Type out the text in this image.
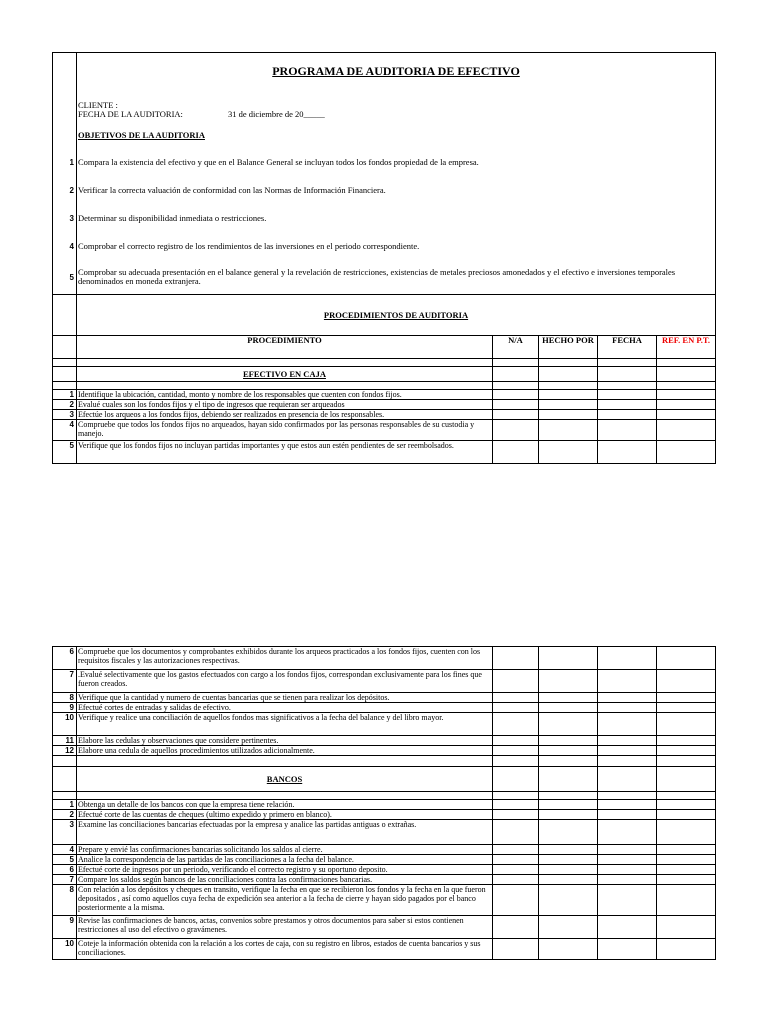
	PROGRAMA DE AUDITORIA DE EFECTIVO				

	CLIENTE :
FECHA DE LA AUDITORIA: 31 de diciembre de 20_____
OBJETIVOS DE LA AUDITORIA				

1	Compara la existencia del efectivo y que en el Balance General se incluyan todos los fondos propiedad de la empresa.				
2	Verificar la correcta valuación de conformidad con las Normas de Información Financiera.				
3	Determinar su disponibilidad inmediata o restricciones.				
4	Comprobar el correcto registro de los rendimientos de las inversiones en el periodo correspondiente.				
5	Comprobar su adecuada presentación en el balance general y la revelación de restricciones, existencias de metales preciosos amonedados y el efectivo e inversiones temporales denominados en moneda extranjera.				
	PROCEDIMIENTOS DE AUDITORIA				
	PROCEDIMIENTO	N/A	HECHO POR	FECHA	REF. EN P.T.

	EFECTIVO EN CAJA				

1	Identifique la ubicación, cantidad, monto y nombre de los responsables que cuenten con fondos fijos.				
2	Evalué cuales son los fondos fijos y el tipo de ingresos que requieran ser arqueados				
3	Efectúe los arqueos a los fondos fijos, debiendo ser realizados en presencia de los responsables.				
4	Compruebe que todos los fondos fijos no arqueados, hayan sido confirmados por las personas responsables de su custodia y manejo.				
5	Verifique que los fondos fijos no incluyan partidas importantes y que estos aun estén pendientes de ser reembolsados.				
6	Compruebe que los documentos y comprobantes exhibidos durante los arqueos practicados a los fondos fijos, cuenten con los requisitos fiscales y las autorizaciones respectivas.				
7	.Evalué selectivamente que los gastos efectuados con cargo a los fondos fijos, correspondan exclusivamente para los fines que fueron creados.				
8	Verifique que la cantidad y numero de cuentas bancarias que se tienen para realizar los depósitos.				
9	Efectué cortes de entradas y salidas de efectivo.				
10	Verifique y realice una conciliación de aquellos fondos mas significativos a la fecha del balance y del libro mayor.				
11	Elabore las cedulas y observaciones que considere pertinentes.				
12	Elabore una cedula de aquellos procedimientos utilizados adicionalmente.				

	BANCOS				

1	Obtenga un detalle de los bancos con que la empresa tiene relación.				
2	Efectué corte de las cuentas de cheques (ultimo expedido y primero en blanco).				
3	Examine las conciliaciones bancarias efectuadas por la empresa y analice las partidas antiguas o extrañas.				
4	Prepare y envié las confirmaciones bancarias solicitando los saldos al cierre.				
5	Analice la correspondencia de las partidas de las conciliaciones a la fecha del balance.				
6	Efectué corte de ingresos por un periodo, verificando el correcto registro y su oportuno deposito.				
7	Compare los saldos según bancos de las conciliaciones contra las confirmaciones bancarias.				
8	Con relación a los depósitos y cheques en transito, verifique la fecha en que se recibieron los fondos y la fecha en la que fueron depositados , así como aquellos cuya fecha de expedición sea anterior a la fecha de cierre y hayan sido pagados por el banco posteriormente a la misma.				
9	Revise las confirmaciones de bancos, actas, convenios sobre prestamos y otros documentos para saber si estos contienen restricciones al uso del efectivo o gravámenes.				
10	Coteje la información obtenida con la relación a los cortes de caja, con su registro en libros, estados de cuenta bancarios y sus conciliaciones.				
